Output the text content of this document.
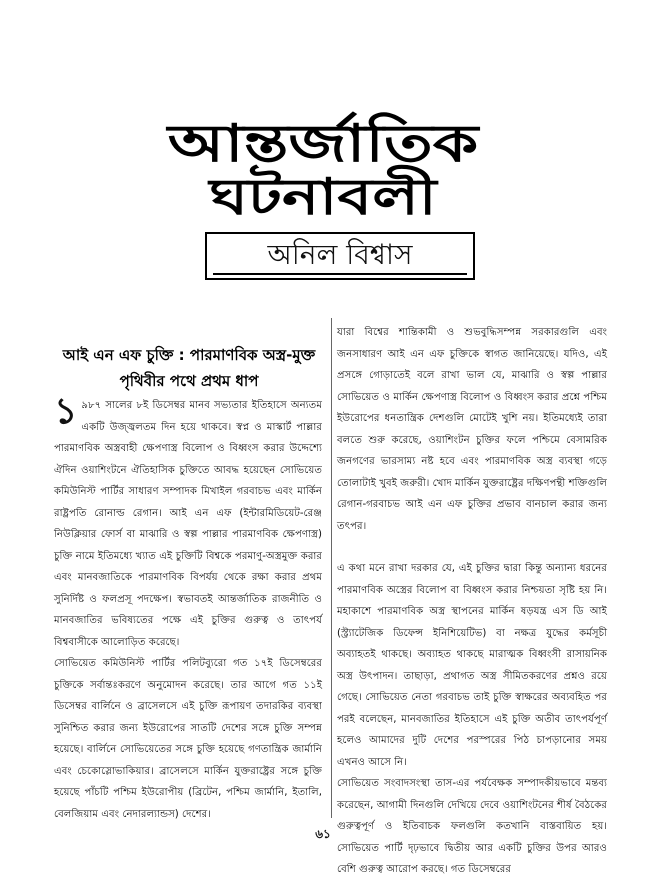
আন্তর্জাতিক
ঘটনাবলী
অনিল বিশ্বাস
আই এন এফ চুক্তি : পারমাণবিক অস্ত্র-মুক্ত
পৃথিবীর পথে প্রথম ধাপ

১ ৯৮৭ সালের ৮ই ডিসেম্বর মানব সভ্যতার ইতিহাসে অন্যতম একটি উজ্জ্বলতম দিন হয়ে থাকবে। স্বপ্ন ও মাস্কার্ট পাল্লার পারমাণবিক অস্ত্রবাহী ক্ষেপণাস্ত্র বিলোপ ও বিধ্বংস করার উদ্দেশ্যে ঐদিন ওয়াশিংটনে ঐতিহাসিক চুক্তিতে আবদ্ধ হয়েছেন সোভিয়েত কমিউনিস্ট পার্টির সাধারণ সম্পাদক মিখাইল গরবাচভ এবং মার্কিন রাষ্ট্রপতি রোনাল্ড রেগান। আই এন এফ (ইন্টারমিডিয়েট-রেঞ্জ নিউক্লিয়ার ফোর্স বা মাঝারি ও স্বল্প পাল্লার পারমাণবিক ক্ষেপণাস্ত্র) চুক্তি নামে ইতিমধ্যে খ্যাত এই চুক্তিটি বিশ্বকে পরমাণু-অস্ত্রমুক্ত করার এবং মানবজাতিকে পারমাণবিক বিপর্যয় থেকে রক্ষা করার প্রথম সুনির্দিষ্ট ও ফলপ্রসূ পদক্ষেপ। স্বভাবতই আন্তর্জাতিক রাজনীতি ও মানবজাতির ভবিষ্যতের পক্ষে এই চুক্তির গুরুত্ব ও তাৎপর্য বিশ্ববাসীকে আলোড়িত করেছে।

সোভিয়েত কমিউনিস্ট পার্টির পলিটব্যুরো গত ১৭ই ডিসেম্বরের চুক্তিকে সর্বান্তঃকরণে অনুমোদন করেছে। তার আগে গত ১১ই ডিসেম্বর বার্লিনে ও ব্রাসেলসে এই চুক্তি রূপায়ণ তদারকির ব্যবস্থা সুনিশ্চিত করার জন্য ইউরোপের সাতটি দেশের সঙ্গে চুক্তি সম্পন্ন হয়েছে। বার্লিনে সোভিয়েতের সঙ্গে চুক্তি হয়েছে গণতান্ত্রিক জার্মানি এবং চেকোস্লোভাকিয়ার। ব্রাসেলসে মার্কিন যুক্তরাষ্ট্রের সঙ্গে চুক্তি হয়েছে পাঁচটি পশ্চিম ইউরোপীয় (ব্রিটেন, পশ্চিম জার্মানি, ইতালি, বেলজিয়াম এবং নেদারল্যান্ডস) দেশের।

যারা বিশ্বের শান্তিকামী ও শুভবুদ্ধিসম্পন্ন সরকারগুলি এবং জনসাধারণ আই এন এফ চুক্তিকে স্বাগত জানিয়েছে। যদিও, এই প্রসঙ্গে গোড়াতেই বলে রাখা ভাল যে, মাঝারি ও স্বল্প পাল্লার সোভিয়েত ও মার্কিন ক্ষেপণাস্ত্র বিলোপ ও বিধ্বংস করার প্রশ্নে পশ্চিম ইউরোপের ধনতান্ত্রিক দেশগুলি মোটেই খুশি নয়। ইতিমধ্যেই তারা বলতে শুরু করেছে, ওয়াশিংটন চুক্তির ফলে পশ্চিমে বেসামরিক জনগণের ভারসাম্য নষ্ট হবে এবং পারমাণবিক অস্ত্র ব্যবস্থা গড়ে তোলাটাই খুবই জরুরী। খোদ মার্কিন যুক্তরাষ্ট্রের দক্ষিণপন্থী শক্তিগুলি রেগান-গরবাচভ আই এন এফ চুক্তির প্রভাব বানচাল করার জন্য তৎপর।

এ কথা মনে রাখা দরকার যে, এই চুক্তির দ্বারা কিন্তু অন্যান্য ধরনের পারমাণবিক অস্ত্রের বিলোপ বা বিধ্বংস করার নিশ্চয়তা সৃষ্টি হয় নি। মহাকাশে পারমাণবিক অস্ত্র স্থাপনের মার্কিন ষড়যন্ত্র এস ডি আই (স্ট্র্যাটেজিক ডিফেন্স ইনিশিয়েটিভ) বা নক্ষত্র যুদ্ধের কর্মসূচী অব্যাহতই থাকছে। অব্যাহত থাকছে মারাত্মক বিধ্বংসী রাসায়নিক অস্ত্র উৎপাদন। তাছাড়া, প্রথাগত অস্ত্র সীমিতকরণের প্রশ্নও রয়ে গেছে। সোভিয়েত নেতা গরবাচভ তাই চুক্তি স্বাক্ষরের অব্যবহিত পর পরই বলেছেন, মানবজাতির ইতিহাসে এই চুক্তি অতীব তাৎপর্যপূর্ণ হলেও আমাদের দুটি দেশের পরস্পরের পিঠ চাপড়ানোর সময় এখনও আসে নি।

সোভিয়েত সংবাদসংস্থা তাস-এর পর্যবেক্ষক সম্পাদকীয়ভাবে মন্তব্য করেছেন, আগামী দিনগুলি দেখিয়ে দেবে ওয়াশিংটনের শীর্ষ বৈঠকের গুরুত্বপূর্ণ ও ইতিবাচক ফলগুলি কতখানি বাস্তবায়িত হয়। সোভিয়েত পার্টি দৃঢ়ভাবে দ্বিতীয় আর একটি চুক্তির উপর আরও বেশি গুরুত্ব আরোপ করছে। গত ডিসেম্বরের

৬১
